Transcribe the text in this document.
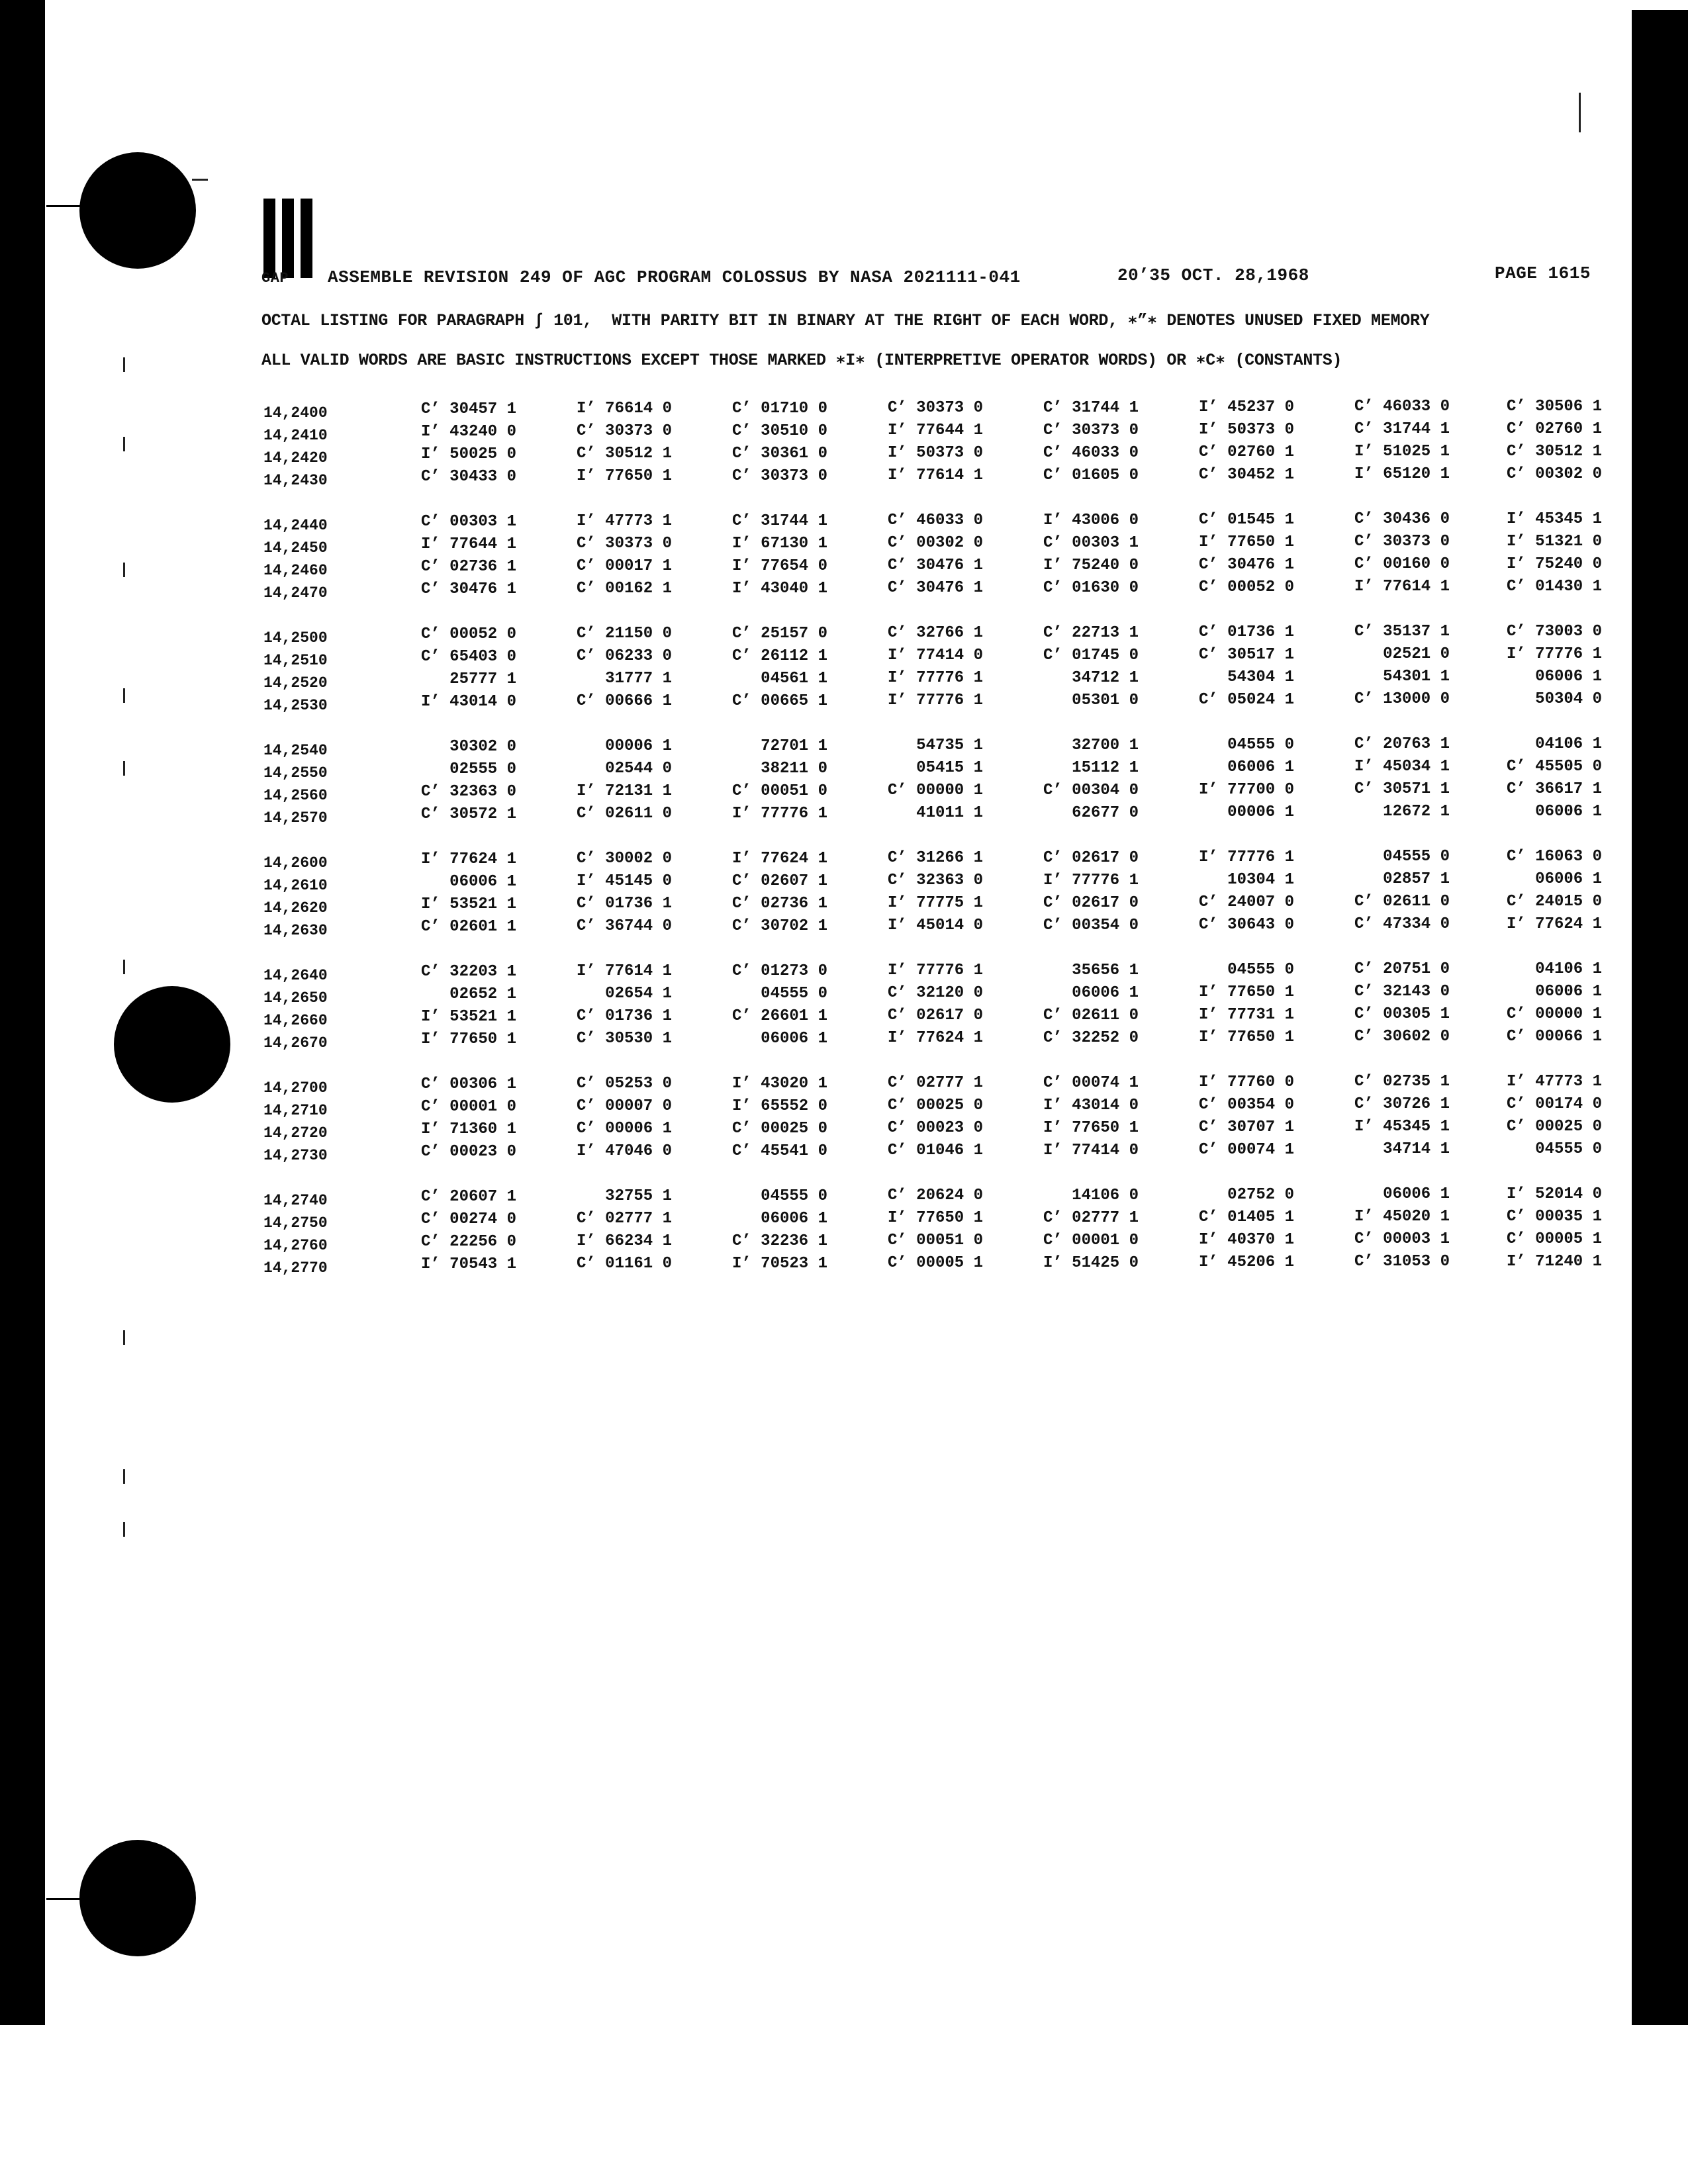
GAP ASSEMBLE REVISION 249 OF AGC PROGRAM COLOSSUS BY NASA 2021111-041	20’35 OCT. 28,1968	PAGE 1615
OCTAL LISTING FOR PARAGRAPH ∫ 101,  WITH PARITY BIT IN BINARY AT THE RIGHT OF EACH WORD, ∗”∗ DENOTES UNUSED FIXED MEMORY
ALL VALID WORDS ARE BASIC INSTRUCTIONS EXCEPT THOSE MARKED ∗I∗ (INTERPRETIVE OPERATOR WORDS) OR ∗C∗ (CONSTANTS)
14,2400	C’ 30457 1	I’ 76614 0	C’ 01710 0	C’ 30373 0	C’ 31744 1	I’ 45237 0	C’ 46033 0	C’ 30506 1
14,2410	I’ 43240 0	C’ 30373 0	C’ 30510 0	I’ 77644 1	C’ 30373 0	I’ 50373 0	C’ 31744 1	C’ 02760 1
14,2420	I’ 50025 0	C’ 30512 1	C’ 30361 0	I’ 50373 0	C’ 46033 0	C’ 02760 1	I’ 51025 1	C’ 30512 1
14,2430	C’ 30433 0	I’ 77650 1	C’ 30373 0	I’ 77614 1	C’ 01605 0	C’ 30452 1	I’ 65120 1	C’ 00302 0
14,2440	C’ 00303 1	I’ 47773 1	C’ 31744 1	C’ 46033 0	I’ 43006 0	C’ 01545 1	C’ 30436 0	I’ 45345 1
14,2450	I’ 77644 1	C’ 30373 0	I’ 67130 1	C’ 00302 0	C’ 00303 1	I’ 77650 1	C’ 30373 0	I’ 51321 0
14,2460	C’ 02736 1	C’ 00017 1	I’ 77654 0	C’ 30476 1	I’ 75240 0	C’ 30476 1	C’ 00160 0	I’ 75240 0
14,2470	C’ 30476 1	C’ 00162 1	I’ 43040 1	C’ 30476 1	C’ 01630 0	C’ 00052 0	I’ 77614 1	C’ 01430 1
14,2500	C’ 00052 0	C’ 21150 0	C’ 25157 0	C’ 32766 1	C’ 22713 1	C’ 01736 1	C’ 35137 1	C’ 73003 0
14,2510	C’ 65403 0	C’ 06233 0	C’ 26112 1	I’ 77414 0	C’ 01745 0	C’ 30517 1	02521 0	I’ 77776 1
14,2520	25777 1	31777 1	04561 1	I’ 77776 1	34712 1	54304 1	54301 1	06006 1
14,2530	I’ 43014 0	C’ 00666 1	C’ 00665 1	I’ 77776 1	05301 0	C’ 05024 1	C’ 13000 0	50304 0
14,2540	30302 0	00006 1	72701 1	54735 1	32700 1	04555 0	C’ 20763 1	04106 1
14,2550	02555 0	02544 0	38211 0	05415 1	15112 1	06006 1	I’ 45034 1	C’ 45505 0
14,2560	C’ 32363 0	I’ 72131 1	C’ 00051 0	C’ 00000 1	C’ 00304 0	I’ 77700 0	C’ 30571 1	C’ 36617 1
14,2570	C’ 30572 1	C’ 02611 0	I’ 77776 1	41011 1	62677 0	00006 1	12672 1	06006 1
14,2600	I’ 77624 1	C’ 30002 0	I’ 77624 1	C’ 31266 1	C’ 02617 0	I’ 77776 1	04555 0	C’ 16063 0
14,2610	06006 1	I’ 45145 0	C’ 02607 1	C’ 32363 0	I’ 77776 1	10304 1	02857 1	06006 1
14,2620	I’ 53521 1	C’ 01736 1	C’ 02736 1	I’ 77775 1	C’ 02617 0	C’ 24007 0	C’ 02611 0	C’ 24015 0
14,2630	C’ 02601 1	C’ 36744 0	C’ 30702 1	I’ 45014 0	C’ 00354 0	C’ 30643 0	C’ 47334 0	I’ 77624 1
14,2640	C’ 32203 1	I’ 77614 1	C’ 01273 0	I’ 77776 1	35656 1	04555 0	C’ 20751 0	04106 1
14,2650	02652 1	02654 1	04555 0	C’ 32120 0	06006 1	I’ 77650 1	C’ 32143 0	06006 1
14,2660	I’ 53521 1	C’ 01736 1	C’ 26601 1	C’ 02617 0	C’ 02611 0	I’ 77731 1	C’ 00305 1	C’ 00000 1
14,2670	I’ 77650 1	C’ 30530 1	06006 1	I’ 77624 1	C’ 32252 0	I’ 77650 1	C’ 30602 0	C’ 00066 1
14,2700	C’ 00306 1	C’ 05253 0	I’ 43020 1	C’ 02777 1	C’ 00074 1	I’ 77760 0	C’ 02735 1	I’ 47773 1
14,2710	C’ 00001 0	C’ 00007 0	I’ 65552 0	C’ 00025 0	I’ 43014 0	C’ 00354 0	C’ 30726 1	C’ 00174 0
14,2720	I’ 71360 1	C’ 00006 1	C’ 00025 0	C’ 00023 0	I’ 77650 1	C’ 30707 1	I’ 45345 1	C’ 00025 0
14,2730	C’ 00023 0	I’ 47046 0	C’ 45541 0	C’ 01046 1	I’ 77414 0	C’ 00074 1	34714 1	04555 0
14,2740	C’ 20607 1	32755 1	04555 0	C’ 20624 0	14106 0	02752 0	06006 1	I’ 52014 0
14,2750	C’ 00274 0	C’ 02777 1	06006 1	I’ 77650 1	C’ 02777 1	C’ 01405 1	I’ 45020 1	C’ 00035 1
14,2760	C’ 22256 0	I’ 66234 1	C’ 32236 1	C’ 00051 0	C’ 00001 0	I’ 40370 1	C’ 00003 1	C’ 00005 1
14,2770	I’ 70543 1	C’ 01161 0	I’ 70523 1	C’ 00005 1	I’ 51425 0	I’ 45206 1	C’ 31053 0	I’ 71240 1
